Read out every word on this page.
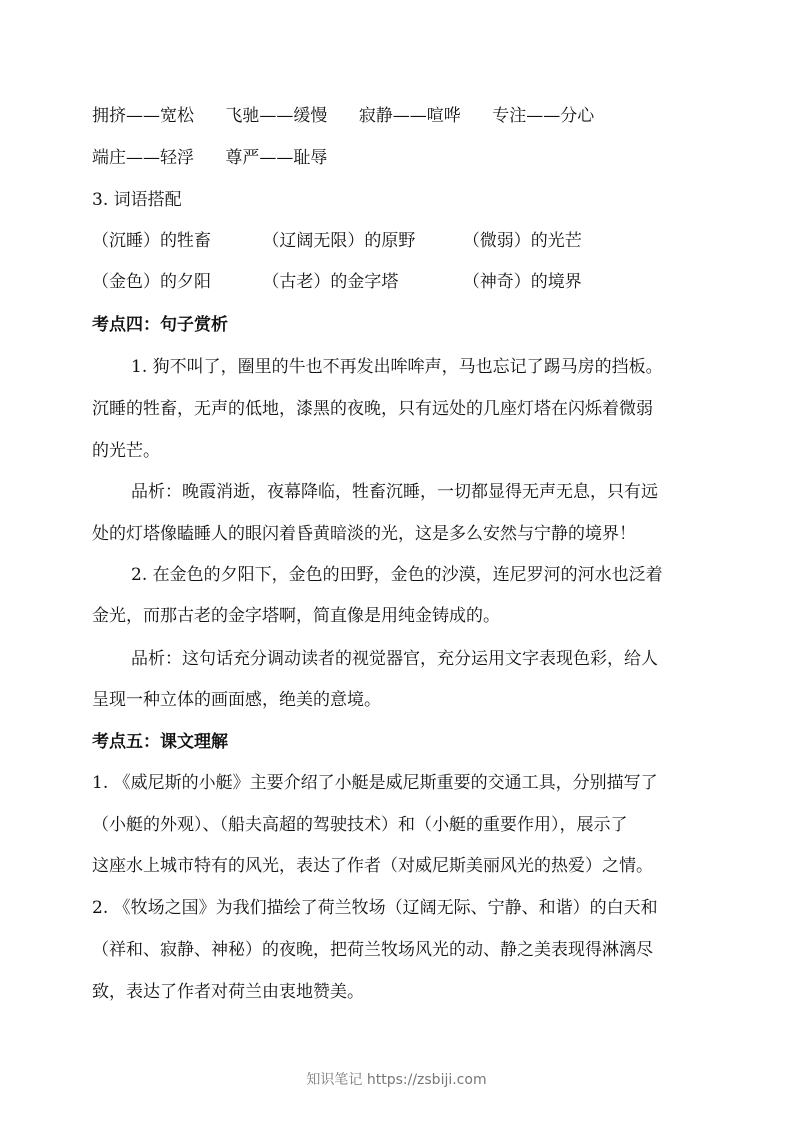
拥挤——宽松 飞驰——缓慢 寂静——喧哗 专注——分心
端庄——轻浮 尊严——耻辱
3. 词语搭配
（沉睡）的牲畜	（辽阔无限）的原野	（微弱）的光芒
（金色）的夕阳	（古老）的金字塔	（神奇）的境界
考点四：句子赏析
1. 狗不叫了，圈里的牛也不再发出哞哞声，马也忘记了踢马房的挡板。
沉睡的牲畜，无声的低地，漆黑的夜晚，只有远处的几座灯塔在闪烁着微弱
的光芒。
品析：晚霞消逝，夜幕降临，牲畜沉睡，一切都显得无声无息，只有远
处的灯塔像瞌睡人的眼闪着昏黄暗淡的光，这是多么安然与宁静的境界！
2. 在金色的夕阳下，金色的田野，金色的沙漠，连尼罗河的河水也泛着
金光，而那古老的金字塔啊，简直像是用纯金铸成的。
品析：这句话充分调动读者的视觉器官，充分运用文字表现色彩，给人
呈现一种立体的画面感，绝美的意境。
考点五：课文理解
1. 《威尼斯的小艇》主要介绍了小艇是威尼斯重要的交通工具，分别描写了
（小艇的外观）、（船夫高超的驾驶技术）和（小艇的重要作用），展示了
这座水上城市特有的风光，表达了作者（对威尼斯美丽风光的热爱）之情。
2. 《牧场之国》为我们描绘了荷兰牧场（辽阔无际、宁静、和谐）的白天和
（祥和、寂静、神秘）的夜晚，把荷兰牧场风光的动、静之美表现得淋漓尽
致，表达了作者对荷兰由衷地赞美。
知识笔记 https://zsbiji.com
